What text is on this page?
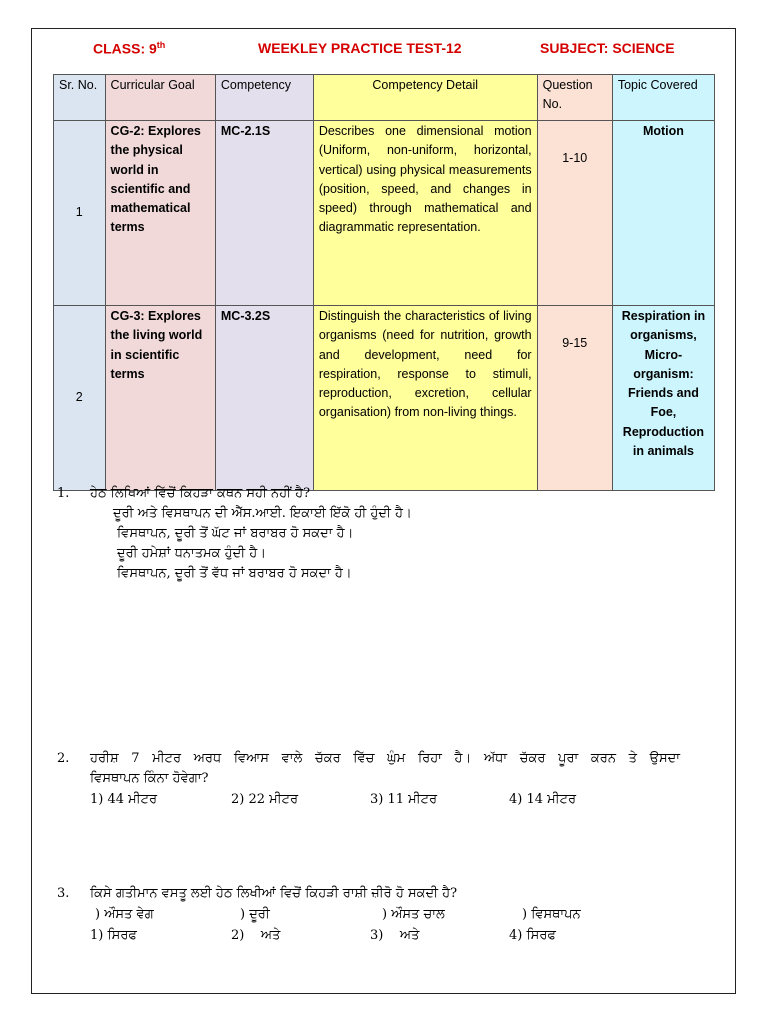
CLASS: 9th	WEEKLEY PRACTICE TEST-12	SUBJECT: SCIENCE
Sr. No.	Curricular Goal	Competency	Competency Detail	Question No.	Topic Covered
1	CG-2: Explores the physical world in scientific and mathematical terms	MC-2.1S	Describes one dimensional motion (Uniform, non-uniform, horizontal, vertical) using physical measurements (position, speed, and changes in speed) through mathematical and diagrammatic representation.	1-10	Motion
2	CG-3: Explores the living world in scientific terms	MC-3.2S	Distinguish the characteristics of living organisms (need for nutrition, growth and development, need for respiration, response to stimuli, reproduction, excretion, cellular organisation) from non-living things.	9-15	Respiration in organisms, Micro-organism: Friends and Foe, Reproduction in animals
1. ਹੇਠ ਲਿਖਿਆਂ ਵਿੱਚੋਂ ਕਿਹੜਾ ਕਥਨ ਸਹੀ ਨਹੀਂ ਹੈ?
ਦੂਰੀ ਅਤੇ ਵਿਸਥਾਪਨ ਦੀ ਐੱਸ.ਆਈ. ਇਕਾਈ ਇੱਕੋ ਹੀ ਹੁੰਦੀ ਹੈ।
ਵਿਸਥਾਪਨ, ਦੂਰੀ ਤੋਂ ਘੱਟ ਜਾਂ ਬਰਾਬਰ ਹੋ ਸਕਦਾ ਹੈ।
ਦੂਰੀ ਹਮੇਸ਼ਾਂ ਧਨਾਤਮਕ ਹੁੰਦੀ ਹੈ।
ਵਿਸਥਾਪਨ, ਦੂਰੀ ਤੋਂ ਵੱਧ ਜਾਂ ਬਰਾਬਰ ਹੋ ਸਕਦਾ ਹੈ।
2. ਹਰੀਸ਼ 7 ਮੀਟਰ ਅਰਧ ਵਿਆਸ ਵਾਲੇ ਚੱਕਰ ਵਿੱਚ ਘੁੰਮ ਰਿਹਾ ਹੈ। ਅੱਧਾ ਚੱਕਰ ਪੂਰਾ ਕਰਨ ਤੇ ਉਸਦਾ
ਵਿਸਥਾਪਨ ਕਿੰਨਾ ਹੋਵੇਗਾ?
1) 44 ਮੀਟਰ	2) 22 ਮੀਟਰ	3) 11 ਮੀਟਰ	4) 14 ਮੀਟਰ
3. ਕਿਸੇ ਗਤੀਮਾਨ ਵਸਤੂ ਲਈ ਹੇਠ ਲਿਖੀਆਂ ਵਿਚੋਂ ਕਿਹੜੀ ਰਾਸ਼ੀ ਜ਼ੀਰੋ ਹੋ ਸਕਦੀ ਹੈ?
) ਔਸਤ ਵੇਗ	) ਦੂਰੀ	) ਔਸਤ ਚਾਲ	) ਵਿਸਥਾਪਨ
1) ਸਿਰਫ	2)    ਅਤੇ	3)    ਅਤੇ	4) ਸਿਰਫ
